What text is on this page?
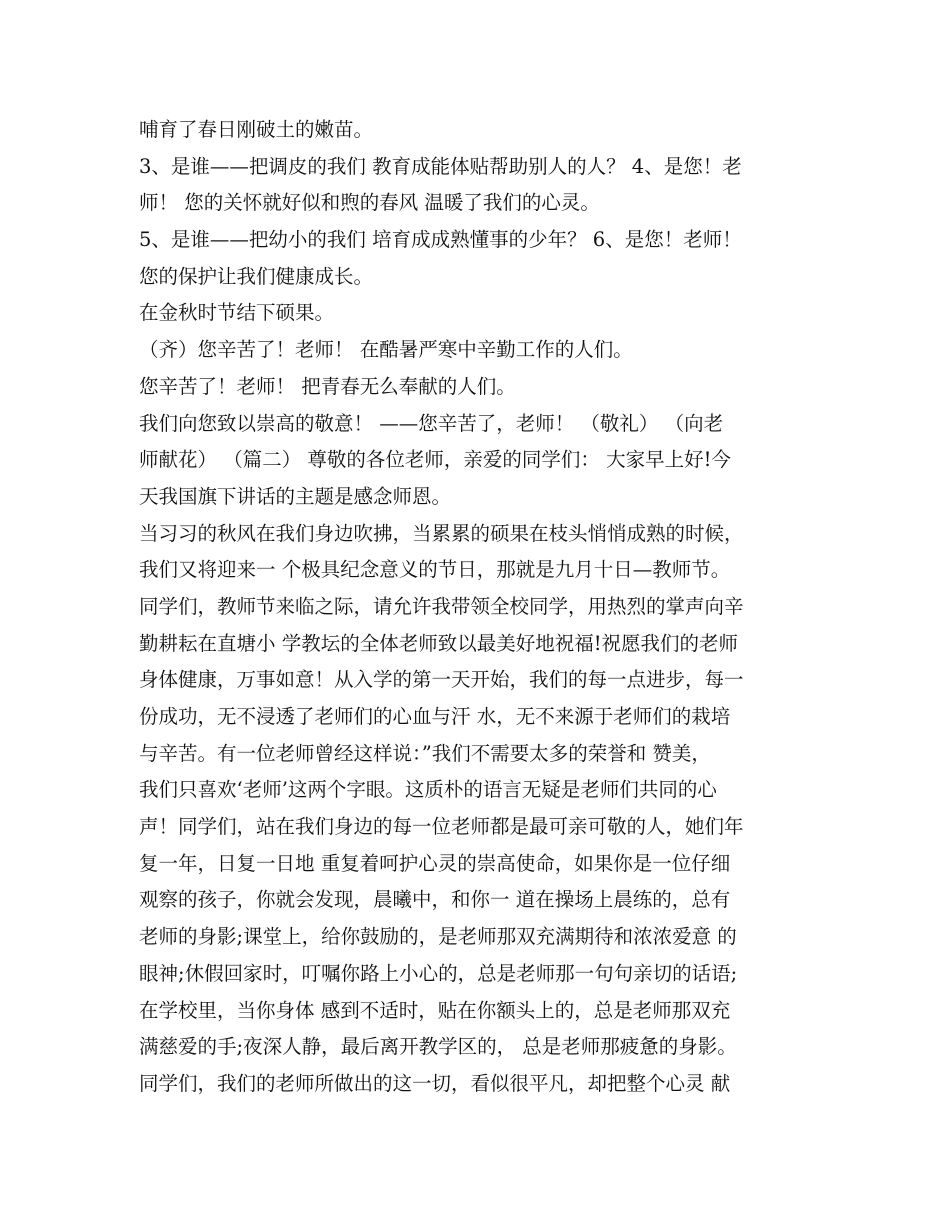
哺育了春日刚破土的嫩苗。
3、是谁——把调皮的我们 教育成能体贴帮助别人的人？ 4、是您！老
师！ 您的关怀就好似和煦的春风 温暖了我们的心灵。
5、是谁——把幼小的我们 培育成成熟懂事的少年？ 6、是您！老师！
您的保护让我们健康成长。
在金秋时节结下硕果。
（齐）您辛苦了！老师！ 在酷暑严寒中辛勤工作的人们。
您辛苦了！老师！ 把青春无么奉献的人们。
我们向您致以崇高的敬意！ ——您辛苦了，老师！ （敬礼） （向老
师献花） （篇二） 尊敬的各位老师，亲爱的同学们： 大家早上好!今
天我国旗下讲话的主题是感念师恩。
当习习的秋风在我们身边吹拂，当累累的硕果在枝头悄悄成熟的时候，
我们又将迎来一 个极具纪念意义的节日，那就是九月十日—教师节。
同学们，教师节来临之际，请允许我带领全校同学，用热烈的掌声向辛
勤耕耘在直塘小 学教坛的全体老师致以最美好地祝福!祝愿我们的老师
身体健康，万事如意！从入学的第一天开始，我们的每一点进步，每一
份成功，无不浸透了老师们的心血与汗 水，无不来源于老师们的栽培
与辛苦。有一位老师曾经这样说：”我们不需要太多的荣誉和 赞美，
我们只喜欢‘老师’这两个字眼。这质朴的语言无疑是老师们共同的心
声！同学们，站在我们身边的每一位老师都是最可亲可敬的人，她们年
复一年，日复一日地 重复着呵护心灵的崇高使命，如果你是一位仔细
观察的孩子，你就会发现，晨曦中，和你一 道在操场上晨练的，总有
老师的身影;课堂上，给你鼓励的，是老师那双充满期待和浓浓爱意 的
眼神;休假回家时，叮嘱你路上小心的，总是老师那一句句亲切的话语;
在学校里，当你身体 感到不适时，贴在你额头上的，总是老师那双充
满慈爱的手;夜深人静，最后离开教学区的， 总是老师那疲惫的身影。
同学们，我们的老师所做出的这一切，看似很平凡，却把整个心灵 献
